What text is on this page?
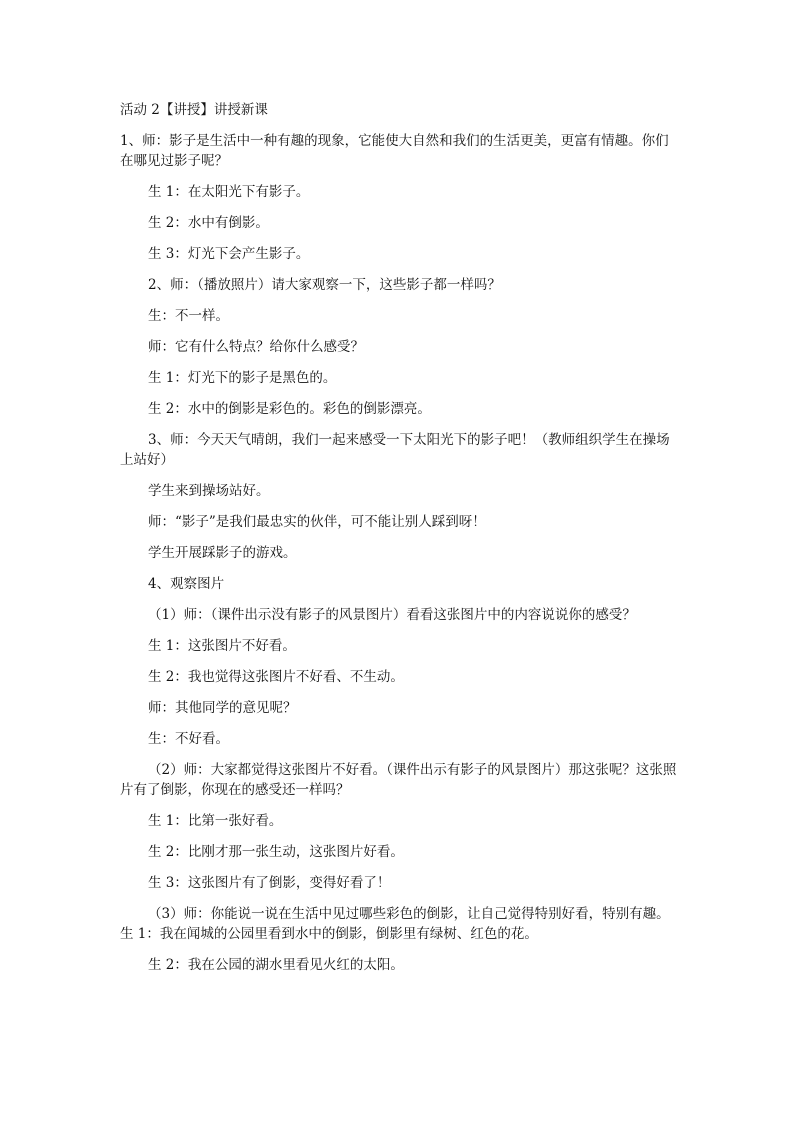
活动 2【讲授】讲授新课

1、师：影子是生活中一种有趣的现象，它能使大自然和我们的生活更美，更富有情趣。你们在哪见过影子呢？

生 1：在太阳光下有影子。

生 2：水中有倒影。

生 3：灯光下会产生影子。

2、师：（播放照片）请大家观察一下，这些影子都一样吗？

生：不一样。

师：它有什么特点？给你什么感受？

生 1：灯光下的影子是黑色的。

生 2：水中的倒影是彩色的。彩色的倒影漂亮。

3、师：今天天气晴朗，我们一起来感受一下太阳光下的影子吧！（教师组织学生在操场上站好）

学生来到操场站好。

师：“影子”是我们最忠实的伙伴，可不能让别人踩到呀！

学生开展踩影子的游戏。

4、观察图片

（1）师：（课件出示没有影子的风景图片）看看这张图片中的内容说说你的感受？

生 1：这张图片不好看。

生 2：我也觉得这张图片不好看、不生动。

师：其他同学的意见呢？

生：不好看。

（2）师：大家都觉得这张图片不好看。（课件出示有影子的风景图片）那这张呢？这张照片有了倒影，你现在的感受还一样吗？

生 1：比第一张好看。

生 2：比刚才那一张生动，这张图片好看。

生 3：这张图片有了倒影，变得好看了！

（3）师：你能说一说在生活中见过哪些彩色的倒影，让自己觉得特别好看，特别有趣。

生 1：我在闻城的公园里看到水中的倒影，倒影里有绿树、红色的花。

生 2：我在公园的湖水里看见火红的太阳。
